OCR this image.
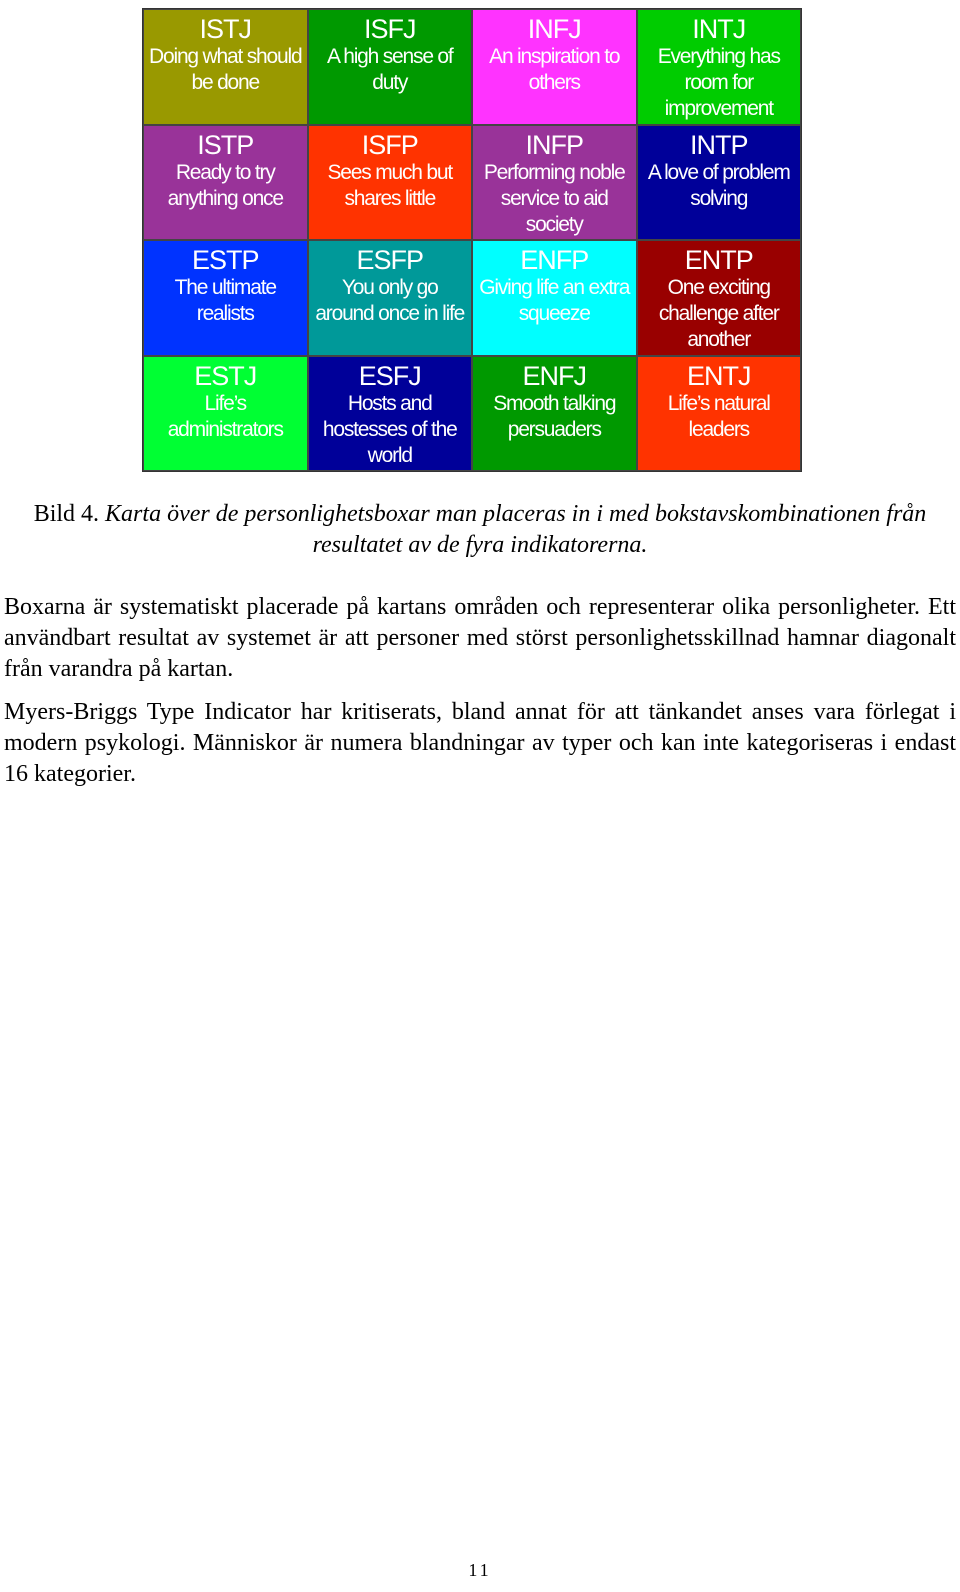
ISTJ
Doing what should be done
ISFJ
A high sense of duty
INFJ
An inspiration to others
INTJ
Everything has room for improvement
ISTP
Ready to try anything once
ISFP
Sees much but shares little
INFP
Performing noble service to aid society
INTP
A love of problem solving
ESTP
The ultimate realists
ESFP
You only go around once in life
ENFP
Giving life an extra squeeze
ENTP
One exciting challenge after another
ESTJ
Life’s administrators
ESFJ
Hosts and hostesses of the world
ENFJ
Smooth talking persuaders
ENTJ
Life’s natural leaders
Bild 4. Karta över de personlighetsboxar man placeras in i med bokstavskombinationen från resultatet av de fyra indikatorerna.

Boxarna är systematiskt placerade på kartans områden och representerar olika personligheter. Ett användbart resultat av systemet är att personer med störst personlighetsskillnad hamnar diagonalt från varandra på kartan.

Myers-Briggs Type Indicator har kritiserats, bland annat för att tänkandet anses vara förlegat i modern psykologi. Människor är numera blandningar av typer och kan inte kategoriseras i endast 16 kategorier.

11
